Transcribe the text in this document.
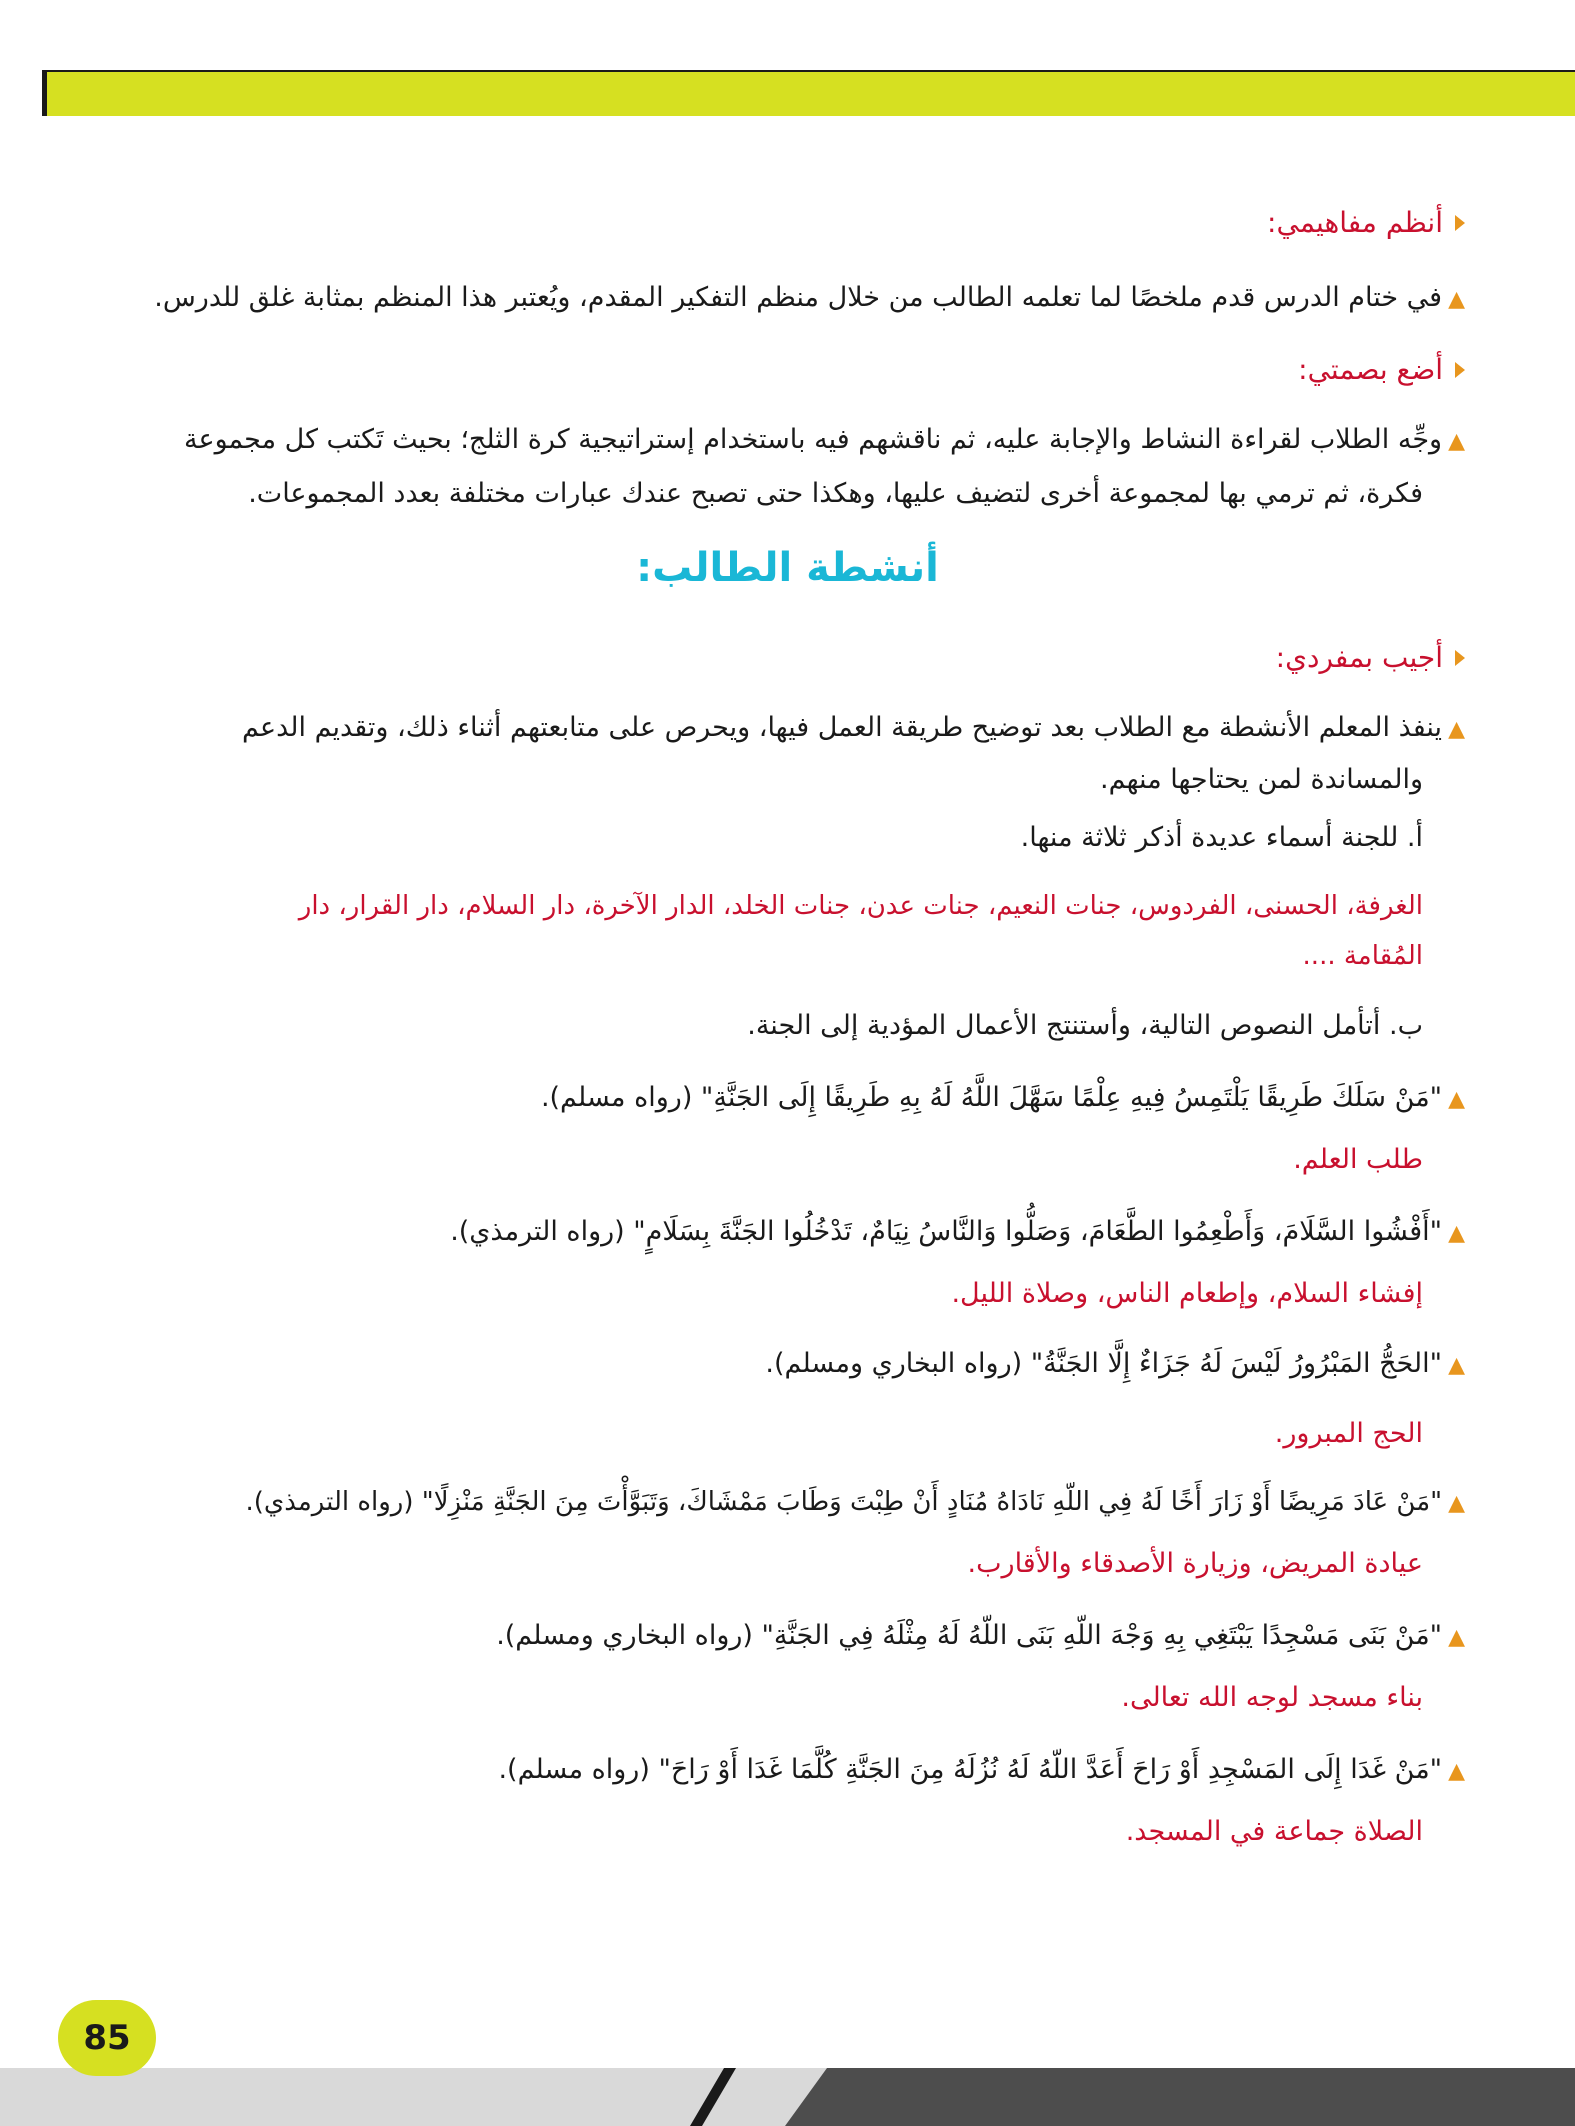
أنظم مفاهيمي:
▲في ختام الدرس قدم ملخصًا لما تعلمه الطالب من خلال منظم التفكير المقدم، ويُعتبر هذا المنظم بمثابة غلق للدرس.
أضع بصمتي:
▲وجِّه الطلاب لقراءة النشاط والإجابة عليه، ثم ناقشهم فيه باستخدام إستراتيجية كرة الثلج؛ بحيث تَكتب كل مجموعة
فكرة، ثم ترمي بها لمجموعة أخرى لتضيف عليها، وهكذا حتى تصبح عندك عبارات مختلفة بعدد المجموعات.
أنشطة الطالب:
أجيب بمفردي:
▲ينفذ المعلم الأنشطة مع الطلاب بعد توضيح طريقة العمل فيها، ويحرص على متابعتهم أثناء ذلك، وتقديم الدعم
والمساندة لمن يحتاجها منهم.
أ. للجنة أسماء عديدة أذكر ثلاثة منها.
الغرفة، الحسنى، الفردوس، جنات النعيم، جنات عدن، جنات الخلد، الدار الآخرة، دار السلام، دار القرار، دار
المُقامة ....
ب. أتأمل النصوص التالية، وأستنتج الأعمال المؤدية إلى الجنة.
▲"مَنْ سَلَكَ طَرِيقًا يَلْتَمِسُ فِيهِ عِلْمًا سَهَّلَ اللَّهُ لَهُ بِهِ طَرِيقًا إِلَى الجَنَّةِ" (رواه مسلم).
طلب العلم.
▲"أَفْشُوا السَّلَامَ، وَأَطْعِمُوا الطَّعَامَ، وَصَلُّوا وَالنَّاسُ نِيَامٌ، تَدْخُلُوا الجَنَّةَ بِسَلَامٍ" (رواه الترمذي).
إفشاء السلام، وإطعام الناس، وصلاة الليل.
▲"الحَجُّ المَبْرُورُ لَيْسَ لَهُ جَزَاءٌ إِلَّا الجَنَّةُ" (رواه البخاري ومسلم).
الحج المبرور.
▲"مَنْ عَادَ مَرِيضًا أَوْ زَارَ أَخًا لَهُ فِي اللّهِ نَادَاهُ مُنَادٍ أَنْ طِبْتَ وَطَابَ مَمْشَاكَ، وَتَبَوَّأْتَ مِنَ الجَنَّةِ مَنْزِلًا" (رواه الترمذي).
عيادة المريض، وزيارة الأصدقاء والأقارب.
▲"مَنْ بَنَى مَسْجِدًا يَبْتَغِي بِهِ وَجْهَ اللّهِ بَنَى اللّهُ لَهُ مِثْلَهُ فِي الجَنَّةِ" (رواه البخاري ومسلم).
بناء مسجد لوجه الله تعالى.
▲"مَنْ غَدَا إِلَى المَسْجِدِ أَوْ رَاحَ أَعَدَّ اللّهُ لَهُ نُزُلَهُ مِنَ الجَنَّةِ كُلَّمَا غَدَا أَوْ رَاحَ" (رواه مسلم).
الصلاة جماعة في المسجد.
85
